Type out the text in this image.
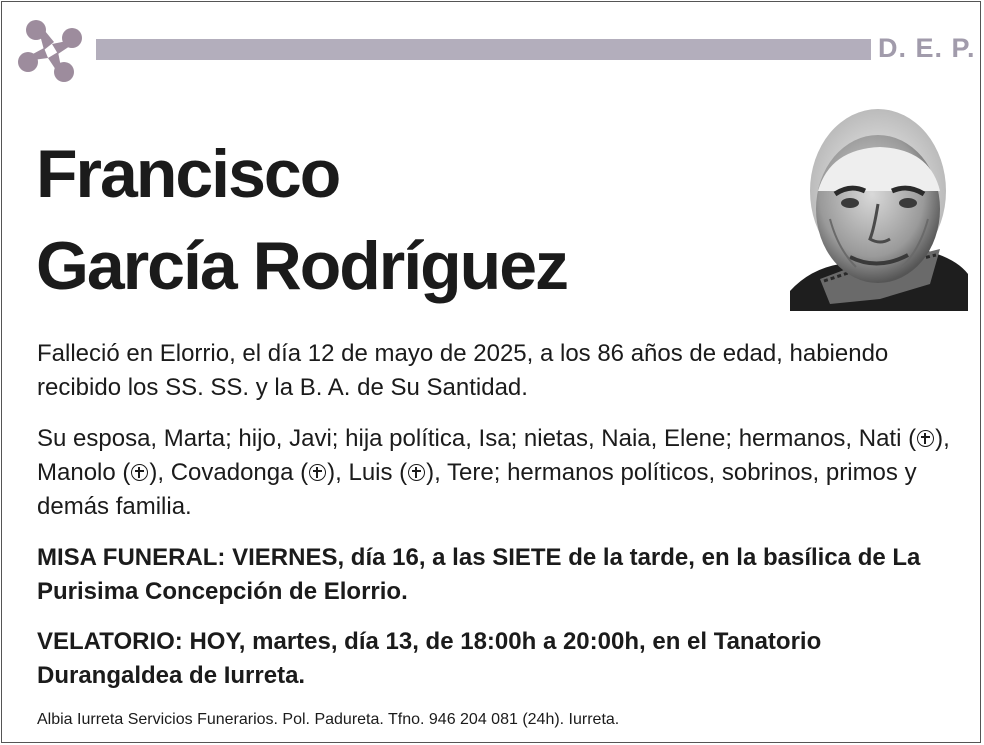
D. E. P.
Francisco
García Rodríguez
Falleció en Elorrio, el día 12 de mayo de 2025, a los 86 años de edad, habiendo recibido los SS. SS. y la B. A. de Su Santidad.
Su esposa, Marta; hijo, Javi; hija política, Isa; nietas, Naia, Elene; hermanos, Nati ( ), Manolo ( ), Covadonga ( ), Luis ( ), Tere; hermanos políticos, sobrinos, primos y demás familia.
MISA FUNERAL: VIERNES, día 16, a las SIETE de la tarde, en la basílica de La Purisima Concepción de Elorrio.
VELATORIO: HOY, martes, día 13, de 18:00h a 20:00h, en el Tanatorio Durangaldea de Iurreta.
Albia Iurreta Servicios Funerarios. Pol. Padureta. Tfno. 946 204 081 (24h). Iurreta.
